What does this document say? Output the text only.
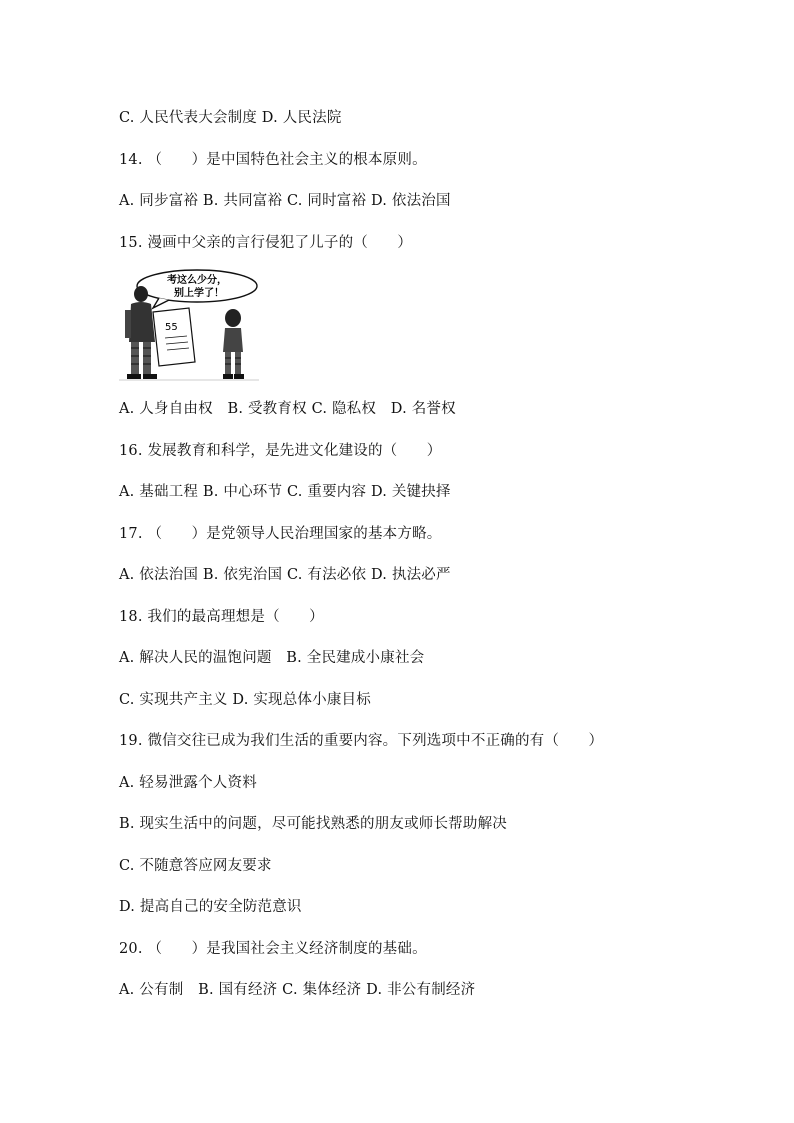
C. 人民代表大会制度 D. 人民法院
14. （　　）是中国特色社会主义的根本原则。
A. 同步富裕 B. 共同富裕 C. 同时富裕 D. 依法治国
15. 漫画中父亲的言行侵犯了儿子的（　　）
考这么少分，
别上学了！
55
A. 人身自由权　B. 受教育权 C. 隐私权　D. 名誉权
16. 发展教育和科学，是先进文化建设的（　　）
A. 基础工程 B. 中心环节 C. 重要内容 D. 关键抉择
17. （　　）是党领导人民治理国家的基本方略。
A. 依法治国 B. 依宪治国 C. 有法必依 D. 执法必严
18. 我们的最高理想是（　　）
A. 解决人民的温饱问题　B. 全民建成小康社会
C. 实现共产主义 D. 实现总体小康目标
19. 微信交往已成为我们生活的重要内容。下列选项中不正确的有（　　）
A. 轻易泄露个人资料
B. 现实生活中的问题，尽可能找熟悉的朋友或师长帮助解决
C. 不随意答应网友要求
D. 提高自己的安全防范意识
20. （　　）是我国社会主义经济制度的基础。
A. 公有制　B. 国有经济 C. 集体经济 D. 非公有制经济
